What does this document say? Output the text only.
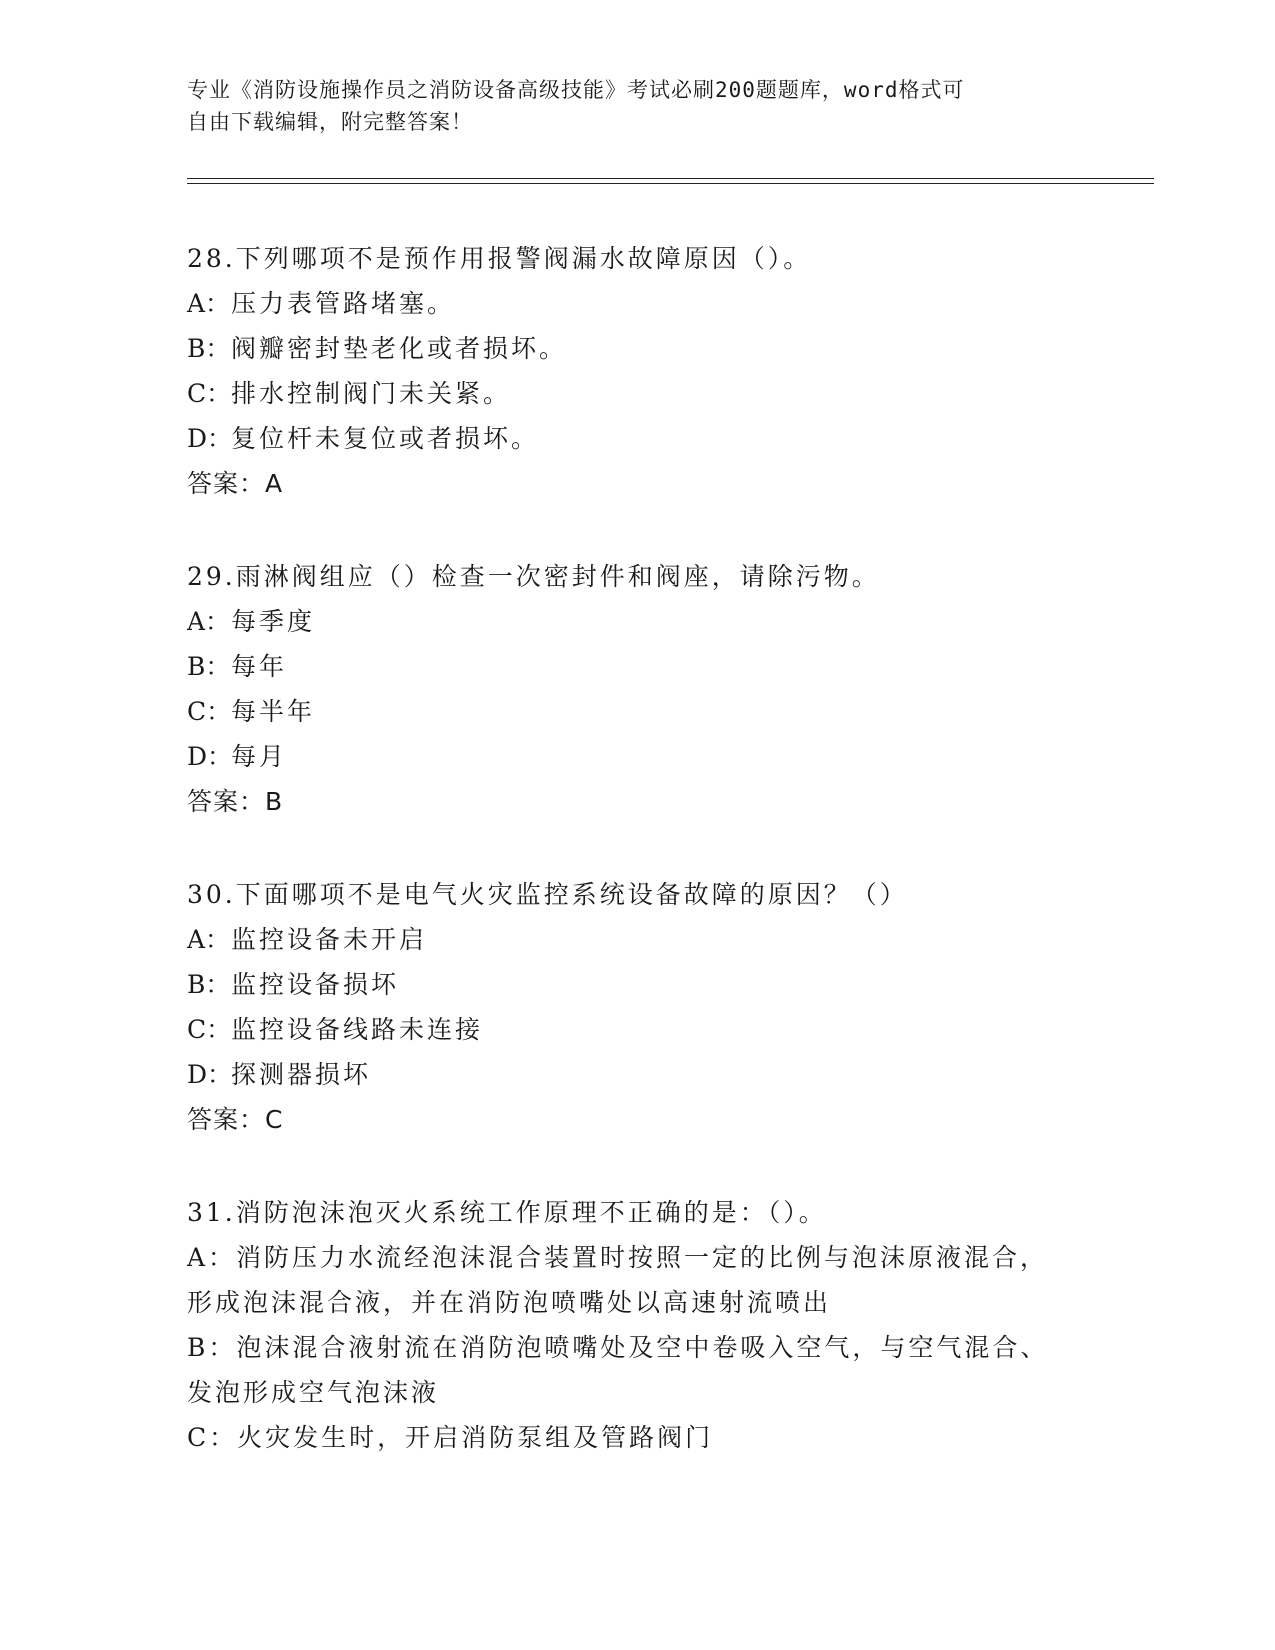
专业《消防设施操作员之消防设备高级技能》考试必刷200题题库，word格式可
自由下载编辑，附完整答案！
28.下列哪项不是预作用报警阀漏水故障原因（）。
A：压力表管路堵塞。
B：阀瓣密封垫老化或者损坏。
C：排水控制阀门未关紧。
D：复位杆未复位或者损坏。
答案：A
29.雨淋阀组应（）检查一次密封件和阀座，请除污物。
A：每季度
B：每年
C：每半年
D：每月
答案：B
30.下面哪项不是电气火灾监控系统设备故障的原因？（）
A：监控设备未开启
B：监控设备损坏
C：监控设备线路未连接
D：探测器损坏
答案：C
31.消防泡沫泡灭火系统工作原理不正确的是：（）。
A：消防压力水流经泡沫混合装置时按照一定的比例与泡沫原液混合，
形成泡沫混合液，并在消防泡喷嘴处以高速射流喷出
B：泡沫混合液射流在消防泡喷嘴处及空中卷吸入空气，与空气混合、
发泡形成空气泡沫液
C：火灾发生时，开启消防泵组及管路阀门
